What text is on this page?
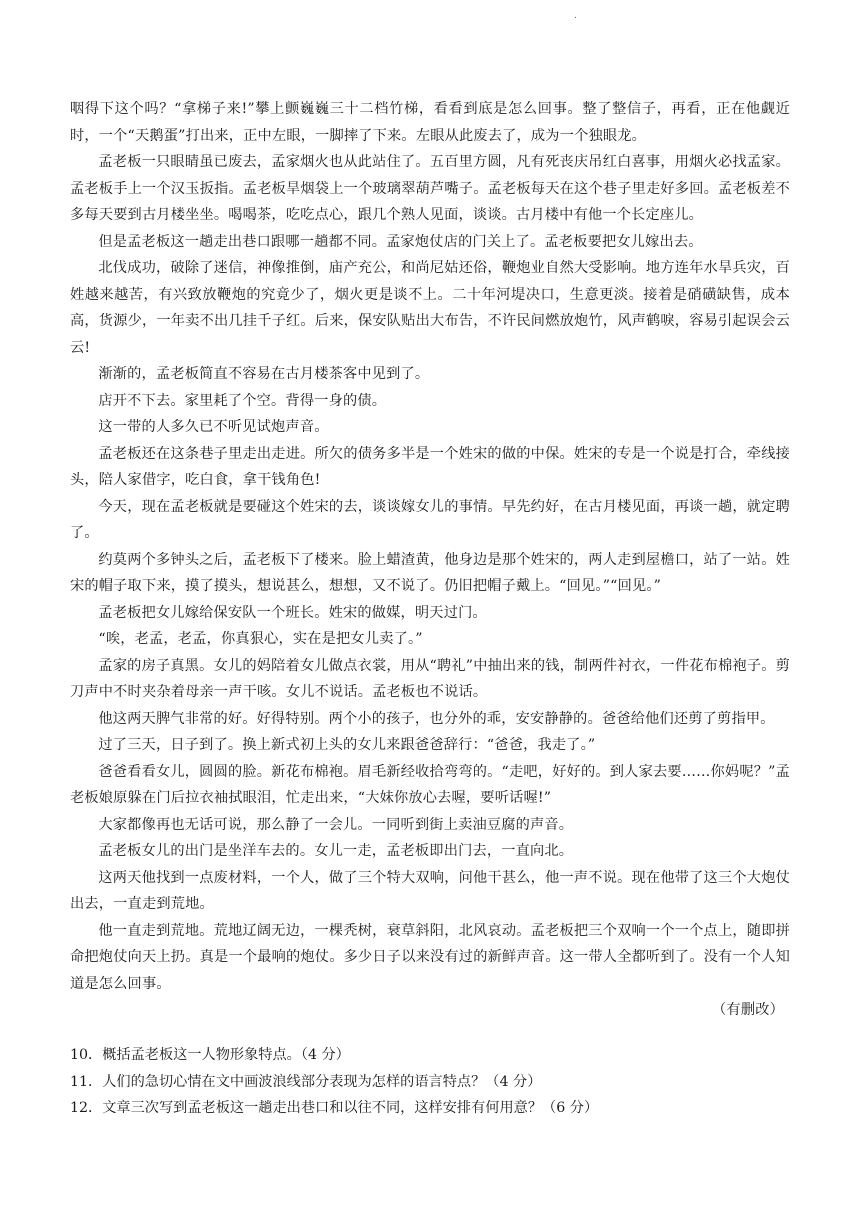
.

咽得下这个吗？“拿梯子来!”攀上颤巍巍三十二档竹梯，看看到底是怎么回事。整了整信子，再看，正在他觑近时，一个“天鹅蛋”打出来，正中左眼，一脚摔了下来。左眼从此废去了，成为一个独眼龙。

孟老板一只眼睛虽已废去，孟家烟火也从此站住了。五百里方圆，凡有死丧庆吊红白喜事，用烟火必找孟家。孟老板手上一个汉玉扳指。孟老板旱烟袋上一个玻璃翠葫芦嘴子。孟老板每天在这个巷子里走好多回。孟老板差不多每天要到古月楼坐坐。喝喝茶，吃吃点心，跟几个熟人见面，谈谈。古月楼中有他一个长定座儿。

但是孟老板这一趟走出巷口跟哪一趟都不同。孟家炮仗店的门关上了。孟老板要把女儿嫁出去。

北伐成功，破除了迷信，神像推倒，庙产充公，和尚尼姑还俗，鞭炮业自然大受影响。地方连年水旱兵灾，百姓越来越苦，有兴致放鞭炮的究竟少了，烟火更是谈不上。二十年河堤决口，生意更淡。接着是硝磺缺售，成本高，货源少，一年卖不出几挂千子红。后来，保安队贴出大布告，不许民间燃放炮竹，风声鹤唳，容易引起误会云云!

渐渐的，孟老板简直不容易在古月楼茶客中见到了。

店开不下去。家里耗了个空。背得一身的债。

这一带的人多久已不听见试炮声音。

孟老板还在这条巷子里走出走进。所欠的债务多半是一个姓宋的做的中保。姓宋的专是一个说是打合，牵线接头，陪人家借字，吃白食，拿干钱角色!

今天，现在孟老板就是要碰这个姓宋的去，谈谈嫁女儿的事情。早先约好，在古月楼见面，再谈一趟，就定聘了。

约莫两个多钟头之后，孟老板下了楼来。脸上蜡渣黄，他身边是那个姓宋的，两人走到屋檐口，站了一站。姓宋的帽子取下来，摸了摸头，想说甚么，想想，又不说了。仍旧把帽子戴上。“回见。”“回见。”

孟老板把女儿嫁给保安队一个班长。姓宋的做媒，明天过门。

“唉，老孟，老孟，你真狠心，实在是把女儿卖了。”

孟家的房子真黑。女儿的妈陪着女儿做点衣裳，用从“聘礼”中抽出来的钱，制两件衬衣，一件花布棉袍子。剪刀声中不时夹杂着母亲一声干咳。女儿不说话。孟老板也不说话。

他这两天脾气非常的好。好得特别。两个小的孩子，也分外的乖，安安静静的。爸爸给他们还剪了剪指甲。

过了三天，日子到了。换上新式初上头的女儿来跟爸爸辞行：“爸爸，我走了。”

爸爸看看女儿，圆圆的脸。新花布棉袍。眉毛新经收拾弯弯的。“走吧，好好的。到人家去要……你妈呢？”孟老板娘原躲在门后拉衣袖拭眼泪，忙走出来，“大妹你放心去喔，要听话喔!”

大家都像再也无话可说，那么静了一会儿。一同听到街上卖油豆腐的声音。

孟老板女儿的出门是坐洋车去的。女儿一走，孟老板即出门去，一直向北。

这两天他找到一点废材料，一个人，做了三个特大双响，问他干甚么，他一声不说。现在他带了这三个大炮仗出去，一直走到荒地。

他一直走到荒地。荒地辽阔无边，一棵秃树，衰草斜阳，北风哀动。孟老板把三个双响一个一个点上，随即拼命把炮仗向天上扔。真是一个最响的炮仗。多少日子以来没有过的新鲜声音。这一带人全都听到了。没有一个人知道是怎么回事。

（有删改）

10．概括孟老板这一人物形象特点。（4 分）

11．人们的急切心情在文中画波浪线部分表现为怎样的语言特点？（4 分）

12．文章三次写到孟老板这一趟走出巷口和以往不同，这样安排有何用意？（6 分）
